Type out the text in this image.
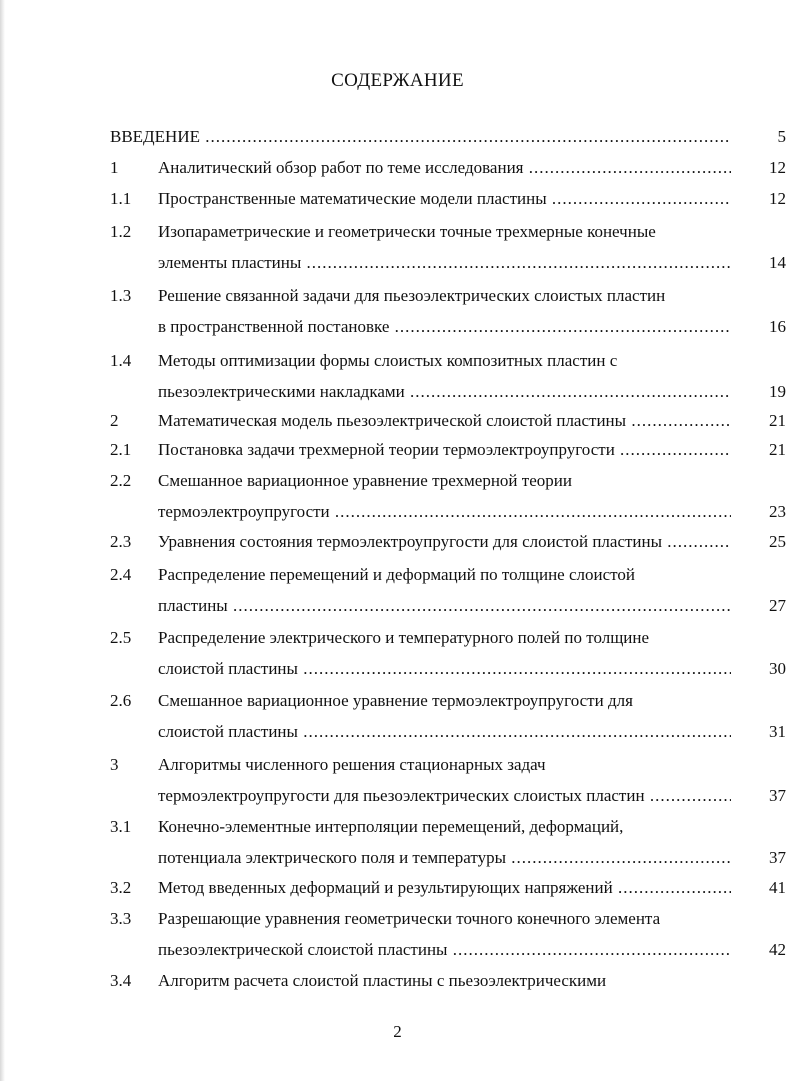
СОДЕРЖАНИЕ
ВВЕДЕНИЕ .....	5
1	Аналитический обзор работ по теме исследования .....	12
1.1	Пространственные математические модели пластины .....	12
1.2	Изопараметрические и геометрически точные трехмерные конечные
элементы пластины .....	14
1.3	Решение связанной задачи для пьезоэлектрических слоистых пластин
в пространственной постановке .....	16
1.4	Методы оптимизации формы слоистых композитных пластин с
пьезоэлектрическими накладками .....	19
2	Математическая модель пьезоэлектрической слоистой пластины .....	21
2.1	Постановка задачи трехмерной теории термоэлектроупругости .....	21
2.2	Смешанное вариационное уравнение трехмерной теории
термоэлектроупругости .....	23
2.3	Уравнения состояния термоэлектроупругости для слоистой пластины .....	25
2.4	Распределение перемещений и деформаций по толщине слоистой
пластины .....	27
2.5	Распределение электрического и температурного полей по толщине
слоистой пластины .....	30
2.6	Смешанное вариационное уравнение термоэлектроупругости для
слоистой пластины .....	31
3	Алгоритмы численного решения стационарных задач
термоэлектроупругости для пьезоэлектрических слоистых пластин .....	37
3.1	Конечно-элементные интерполяции перемещений, деформаций,
потенциала электрического поля и температуры .....	37
3.2	Метод введенных деформаций и результирующих напряжений .....	41
3.3	Разрешающие уравнения геометрически точного конечного элемента
пьезоэлектрической слоистой пластины .....	42
3.4	Алгоритм расчета слоистой пластины с пьезоэлектрическими
2
